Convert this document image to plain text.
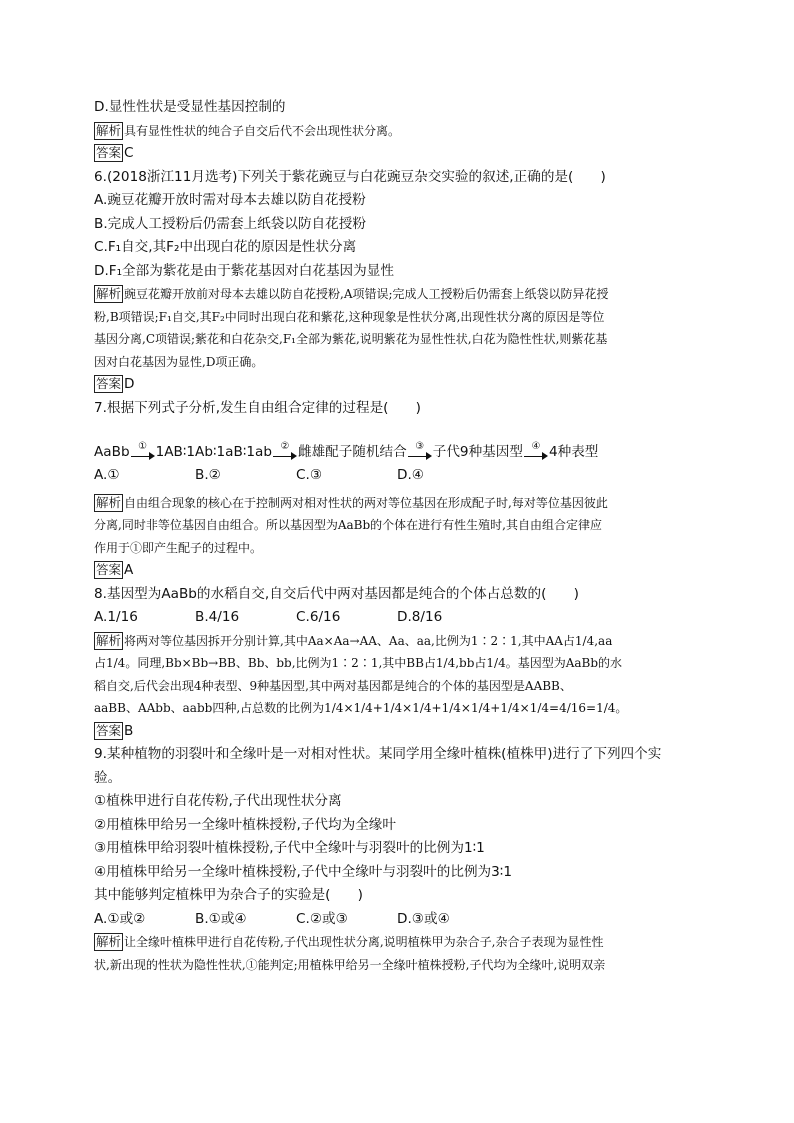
D.显性性状是受显性基因控制的
解析 具有显性性状的纯合子自交后代不会出现性状分离。
答案 C
6.(2018浙江11月选考)下列关于紫花豌豆与白花豌豆杂交实验的叙述,正确的是(　　)
A.豌豆花瓣开放时需对母本去雄以防自花授粉
B.完成人工授粉后仍需套上纸袋以防自花授粉
C.F₁自交,其F₂中出现白花的原因是性状分离
D.F₁全部为紫花是由于紫花基因对白花基因为显性
解析 豌豆花瓣开放前对母本去雄以防自花授粉,A项错误;完成人工授粉后仍需套上纸袋以防异花授
粉,B项错误;F₁自交,其F₂中同时出现白花和紫花,这种现象是性状分离,出现性状分离的原因是等位
基因分离,C项错误;紫花和白花杂交,F₁全部为紫花,说明紫花为显性性状,白花为隐性性状,则紫花基
因对白花基因为显性,D项正确。
答案 D
7.根据下列式子分析,发生自由组合定律的过程是(　　)
AaBb ① 1AB∶1Ab∶1aB∶1ab ② 雌雄配子随机结合 ③ 子代9种基因型 ④ 4种表型
A.①	B.②	C.③	D.④
解析 自由组合现象的核心在于控制两对相对性状的两对等位基因在形成配子时,每对等位基因彼此
分离,同时非等位基因自由组合。所以基因型为AaBb的个体在进行有性生殖时,其自由组合定律应
作用于①即产生配子的过程中。
答案 A
8.基因型为AaBb的水稻自交,自交后代中两对基因都是纯合的个体占总数的(　　)
A.1/16	B.4/16	C.6/16	D.8/16
解析 将两对等位基因拆开分别计算,其中Aa×Aa→AA、Aa、aa,比例为1∶2∶1,其中AA占1/4,aa
占1/4。同理,Bb×Bb→BB、Bb、bb,比例为1∶2∶1,其中BB占1/4,bb占1/4。基因型为AaBb的水
稻自交,后代会出现4种表型、9种基因型,其中两对基因都是纯合的个体的基因型是AABB、
aaBB、AAbb、aabb四种,占总数的比例为1/4×1/4+1/4×1/4+1/4×1/4+1/4×1/4=4/16=1/4。
答案 B
9.某种植物的羽裂叶和全缘叶是一对相对性状。某同学用全缘叶植株(植株甲)进行了下列四个实
验。
①植株甲进行自花传粉,子代出现性状分离
②用植株甲给另一全缘叶植株授粉,子代均为全缘叶
③用植株甲给羽裂叶植株授粉,子代中全缘叶与羽裂叶的比例为1∶1
④用植株甲给另一全缘叶植株授粉,子代中全缘叶与羽裂叶的比例为3∶1
其中能够判定植株甲为杂合子的实验是(　　)
A.①或②	B.①或④	C.②或③	D.③或④
解析 让全缘叶植株甲进行自花传粉,子代出现性状分离,说明植株甲为杂合子,杂合子表现为显性性
状,新出现的性状为隐性性状,①能判定;用植株甲给另一全缘叶植株授粉,子代均为全缘叶,说明双亲
